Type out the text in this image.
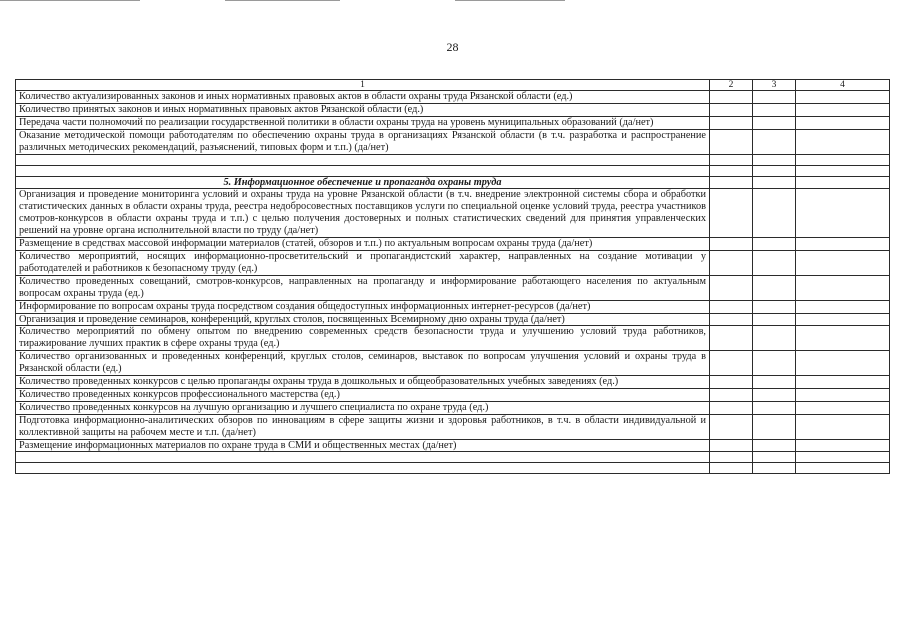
28
1	2	3	4
Количество актуализированных законов и иных нормативных правовых актов в области охраны труда Рязанской области (ед.)			
Количество принятых законов и иных нормативных правовых актов Рязанской области (ед.)			
Передача части полномочий по реализации государственной политики в области охраны труда на уровень муниципальных образований (да/нет)			
Оказание методической помощи работодателям по обеспечению охраны труда в организациях Рязанской области (в т.ч. разработка и распространение различных методических рекомендаций, разъяснений, типовых форм и т.п.) (да/нет)			

5. Информационное обеспечение и пропаганда охраны труда			
Организация и проведение мониторинга условий и охраны труда на уровне Рязанской области (в т.ч. внедрение электронной системы сбора и обработки статистических данных в области охраны труда, реестра недобросовестных поставщиков услуги по специальной оценке условий труда, реестра участников смотров-конкурсов в области охраны труда и т.п.) с целью получения достоверных и полных статистических сведений для принятия управленческих решений на уровне органа исполнительной власти по труду (да/нет)			
Размещение в средствах массовой информации материалов (статей, обзоров и т.п.) по актуальным вопросам охраны труда (да/нет)			
Количество мероприятий, носящих информационно-просветительский и пропагандистский характер, направленных на создание мотивации у работодателей и работников к безопасному труду (ед.)			
Количество проведенных совещаний, смотров-конкурсов, направленных на пропаганду и информирование работающего населения по актуальным вопросам охраны труда (ед.)			
Информирование по вопросам охраны труда посредством создания общедоступных информационных интернет-ресурсов (да/нет)			
Организация и проведение семинаров, конференций, круглых столов, посвященных Всемирному дню охраны труда (да/нет)			
Количество мероприятий по обмену опытом по внедрению современных средств безопасности труда и улучшению условий труда работников, тиражирование лучших практик в сфере охраны труда (ед.)			
Количество организованных и проведенных конференций, круглых столов, семинаров, выставок по вопросам улучшения условий и охраны труда в Рязанской области (ед.)			
Количество проведенных конкурсов с целью пропаганды охраны труда в дошкольных и общеобразовательных учебных заведениях (ед.)			
Количество проведенных конкурсов профессионального мастерства (ед.)			
Количество проведенных конкурсов на лучшую организацию и лучшего специалиста по охране труда (ед.)			
Подготовка информационно-аналитических обзоров по инновациям в сфере защиты жизни и здоровья работников, в т.ч. в области индивидуальной и коллективной защиты на рабочем месте и т.п. (да/нет)			
Размещение информационных материалов по охране труда в СМИ и общественных местах (да/нет)			
